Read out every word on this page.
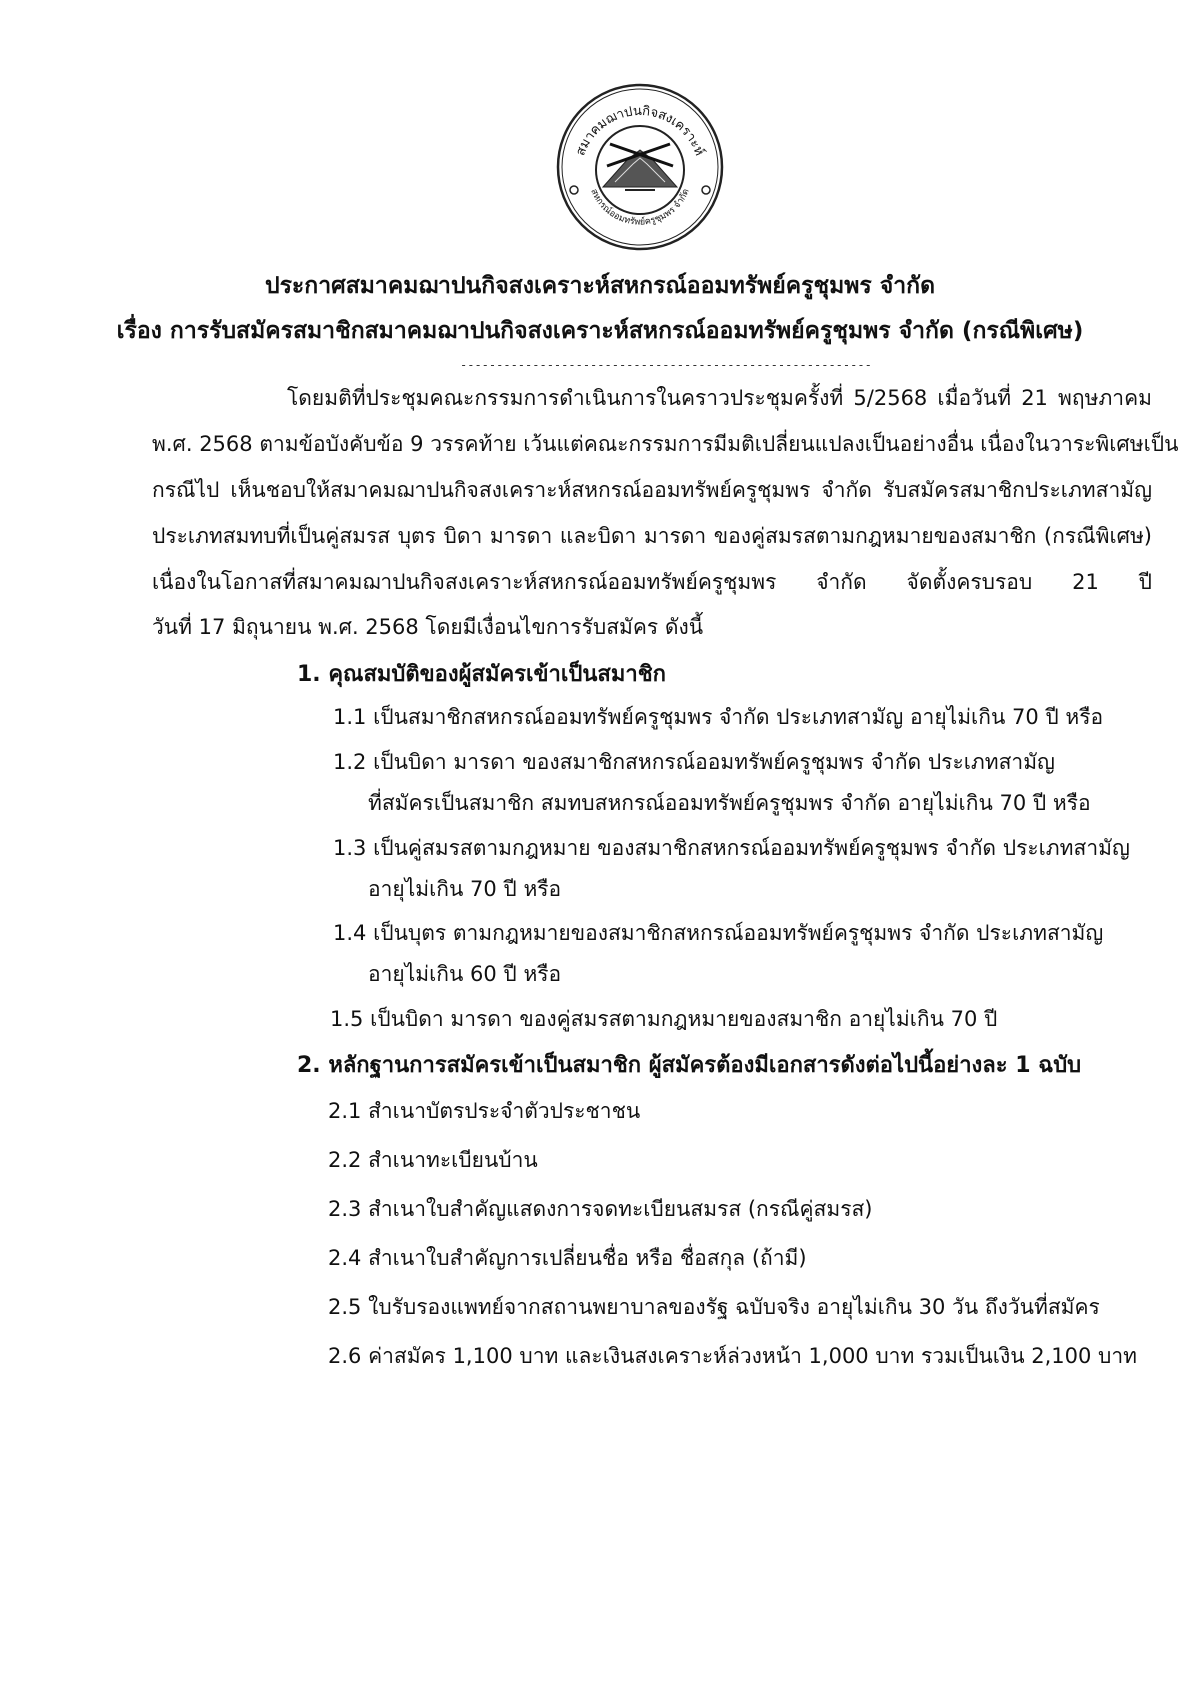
สมาคมฌาปนกิจสงเคราะห์
สหกรณ์ออมทรัพย์ครูชุมพร จำกัด
ประกาศสมาคมฌาปนกิจสงเคราะห์สหกรณ์ออมทรัพย์ครูชุมพร จำกัด
เรื่อง การรับสมัครสมาชิกสมาคมฌาปนกิจสงเคราะห์สหกรณ์ออมทรัพย์ครูชุมพร จำกัด (กรณีพิเศษ)
---------------------------------------------------------
โดยมติที่ประชุมคณะกรรมการดำเนินการในคราวประชุมครั้งที่ 5/2568 เมื่อวันที่ 21 พฤษภาคม
พ.ศ. 2568 ตามข้อบังคับข้อ 9 วรรคท้าย เว้นแต่คณะกรรมการมีมติเปลี่ยนแปลงเป็นอย่างอื่น เนื่องในวาระพิเศษเป็น
กรณีไป เห็นชอบให้สมาคมฌาปนกิจสงเคราะห์สหกรณ์ออมทรัพย์ครูชุมพร จำกัด รับสมัครสมาชิกประเภทสามัญ
ประเภทสมทบที่เป็นคู่สมรส บุตร บิดา มารดา และบิดา มารดา ของคู่สมรสตามกฎหมายของสมาชิก (กรณีพิเศษ)
เนื่องในโอกาสที่สมาคมฌาปนกิจสงเคราะห์สหกรณ์ออมทรัพย์ครูชุมพร จำกัด จัดตั้งครบรอบ 21 ปี
วันที่ 17 มิถุนายน พ.ศ. 2568 โดยมีเงื่อนไขการรับสมัคร ดังนี้
1. คุณสมบัติของผู้สมัครเข้าเป็นสมาชิก
1.1 เป็นสมาชิกสหกรณ์ออมทรัพย์ครูชุมพร จำกัด ประเภทสามัญ อายุไม่เกิน 70 ปี หรือ
1.2 เป็นบิดา มารดา ของสมาชิกสหกรณ์ออมทรัพย์ครูชุมพร จำกัด ประเภทสามัญ
ที่สมัครเป็นสมาชิก สมทบสหกรณ์ออมทรัพย์ครูชุมพร จำกัด อายุไม่เกิน 70 ปี หรือ
1.3 เป็นคู่สมรสตามกฎหมาย ของสมาชิกสหกรณ์ออมทรัพย์ครูชุมพร จำกัด ประเภทสามัญ
อายุไม่เกิน 70 ปี หรือ
1.4 เป็นบุตร ตามกฎหมายของสมาชิกสหกรณ์ออมทรัพย์ครูชุมพร จำกัด ประเภทสามัญ
อายุไม่เกิน 60 ปี หรือ
1.5 เป็นบิดา มารดา ของคู่สมรสตามกฎหมายของสมาชิก อายุไม่เกิน 70 ปี
2. หลักฐานการสมัครเข้าเป็นสมาชิก ผู้สมัครต้องมีเอกสารดังต่อไปนี้อย่างละ 1 ฉบับ
2.1 สำเนาบัตรประจำตัวประชาชน
2.2 สำเนาทะเบียนบ้าน
2.3 สำเนาใบสำคัญแสดงการจดทะเบียนสมรส (กรณีคู่สมรส)
2.4 สำเนาใบสำคัญการเปลี่ยนชื่อ หรือ ชื่อสกุล (ถ้ามี)
2.5 ใบรับรองแพทย์จากสถานพยาบาลของรัฐ ฉบับจริง อายุไม่เกิน 30 วัน ถึงวันที่สมัคร
2.6 ค่าสมัคร 1,100 บาท และเงินสงเคราะห์ล่วงหน้า 1,000 บาท รวมเป็นเงิน 2,100 บาท
